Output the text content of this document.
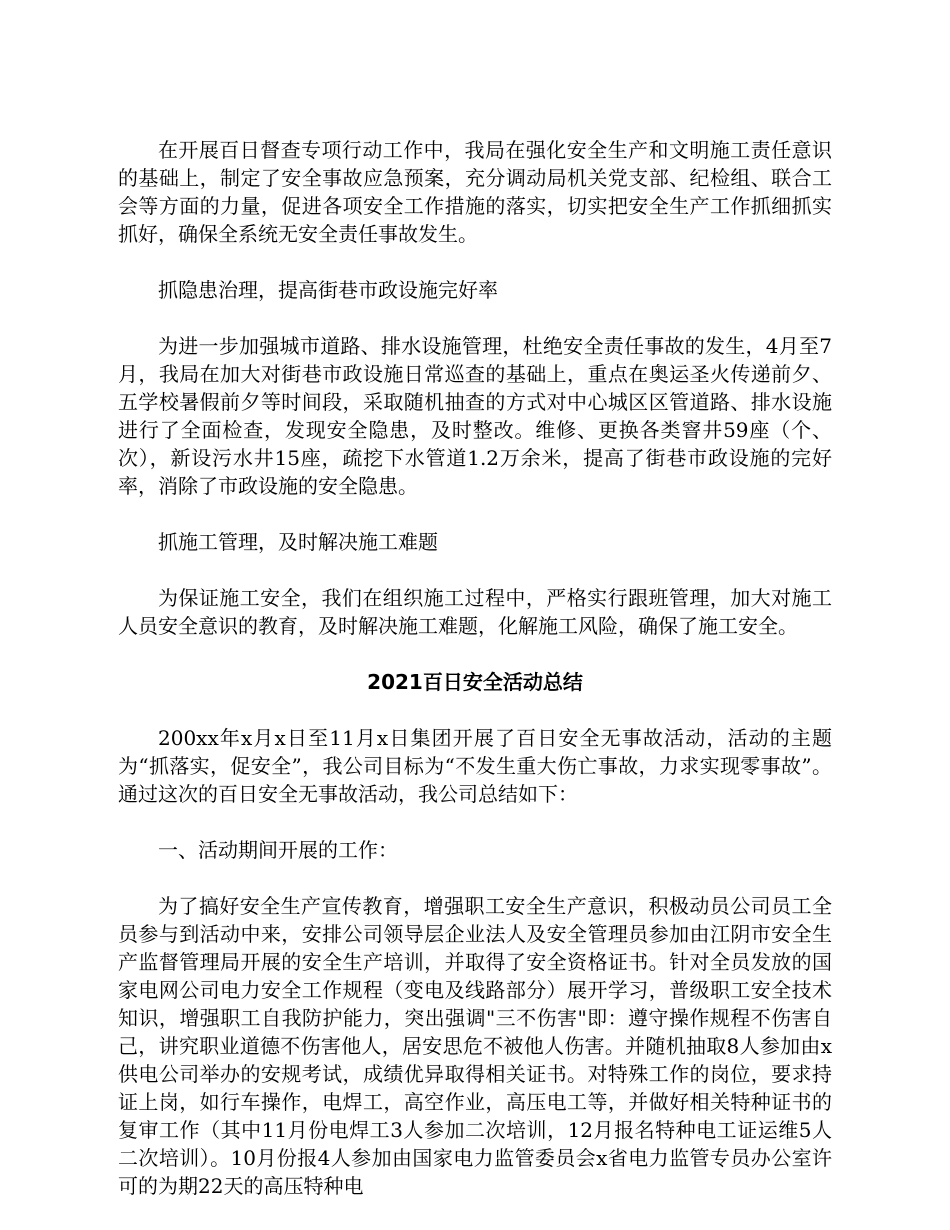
在开展百日督查专项行动工作中，我局在强化安全生产和文明施工责任意识的基础上，制定了安全事故应急预案，充分调动局机关党支部、纪检组、联合工会等方面的力量，促进各项安全工作措施的落实，切实把安全生产工作抓细抓实抓好，确保全系统无安全责任事故发生。

抓隐患治理，提高街巷市政设施完好率

为进一步加强城市道路、排水设施管理，杜绝安全责任事故的发生，4月至7月，我局在加大对街巷市政设施日常巡查的基础上，重点在奥运圣火传递前夕、五学校暑假前夕等时间段，采取随机抽查的方式对中心城区区管道路、排水设施进行了全面检查，发现安全隐患，及时整改。维修、更换各类窨井59座（个、次），新设污水井15座，疏挖下水管道1.2万余米，提高了街巷市政设施的完好率，消除了市政设施的安全隐患。

抓施工管理，及时解决施工难题

为保证施工安全，我们在组织施工过程中，严格实行跟班管理，加大对施工人员安全意识的教育，及时解决施工难题，化解施工风险，确保了施工安全。

2021百日安全活动总结

200xx年x月x日至11月x日集团开展了百日安全无事故活动，活动的主题为“抓落实，促安全”，我公司目标为“不发生重大伤亡事故，力求实现零事故”。通过这次的百日安全无事故活动，我公司总结如下：

一、活动期间开展的工作：

为了搞好安全生产宣传教育，增强职工安全生产意识，积极动员公司员工全员参与到活动中来，安排公司领导层企业法人及安全管理员参加由江阴市安全生产监督管理局开展的安全生产培训，并取得了安全资格证书。针对全员发放的国家电网公司电力安全工作规程（变电及线路部分）展开学习，普级职工安全技术知识，增强职工自我防护能力，突出强调"三不伤害"即：遵守操作规程不伤害自己，讲究职业道德不伤害他人，居安思危不被他人伤害。并随机抽取8人参加由x供电公司举办的安规考试，成绩优异取得相关证书。对特殊工作的岗位，要求持证上岗，如行车操作，电焊工，高空作业，高压电工等，并做好相关特种证书的复审工作（其中11月份电焊工3人参加二次培训，12月报名特种电工证运维5人二次培训）。10月份报4人参加由国家电力监管委员会x省电力监管专员办公室许可的为期22天的高压特种电
